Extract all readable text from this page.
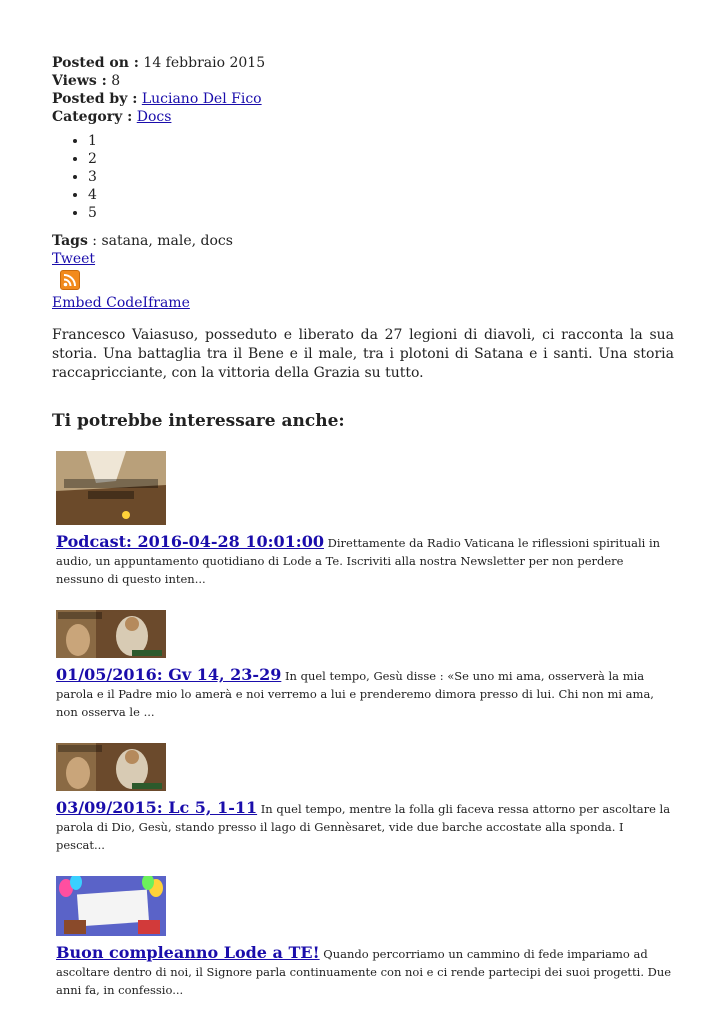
Posted on : 14 febbraio 2015

Views : 8

Posted by : Luciano Del Fico

Category : Docs

• 1
• 2
• 3
• 4
• 5
Tags : satana, male, docs
Tweet
Embed CodeIframe
Francesco Vaiasuso, posseduto e liberato da 27 legioni di diavoli, ci racconta la sua storia. Una battaglia tra il Bene e il male, tra i plotoni di Satana e i santi. Una storia raccapricciante, con la vittoria della Grazia su tutto.
Ti potrebbe interessare anche:
Podcast: 2016-04-28 10:01:00 Direttamente da Radio Vaticana le riflessioni spirituali in audio, un appuntamento quotidiano di Lode a Te. Iscriviti alla nostra Newsletter per non perdere nessuno di questo inten...
01/05/2016: Gv 14, 23-29 In quel tempo, Gesù disse : «Se uno mi ama, osserverà la mia parola e il Padre mio lo amerà e noi verremo a lui e prenderemo dimora presso di lui. Chi non mi ama, non osserva le ...
03/09/2015: Lc 5, 1-11 In quel tempo, mentre la folla gli faceva ressa attorno per ascoltare la parola di Dio, Gesù, stando presso il lago di Gennèsaret, vide due barche accostate alla sponda. I pescat...
Buon compleanno Lode a TE! Quando percorriamo un cammino di fede impariamo ad ascoltare dentro di noi, il Signore parla continuamente con noi e ci rende partecipi dei suoi progetti. Due anni fa, in confessio...
